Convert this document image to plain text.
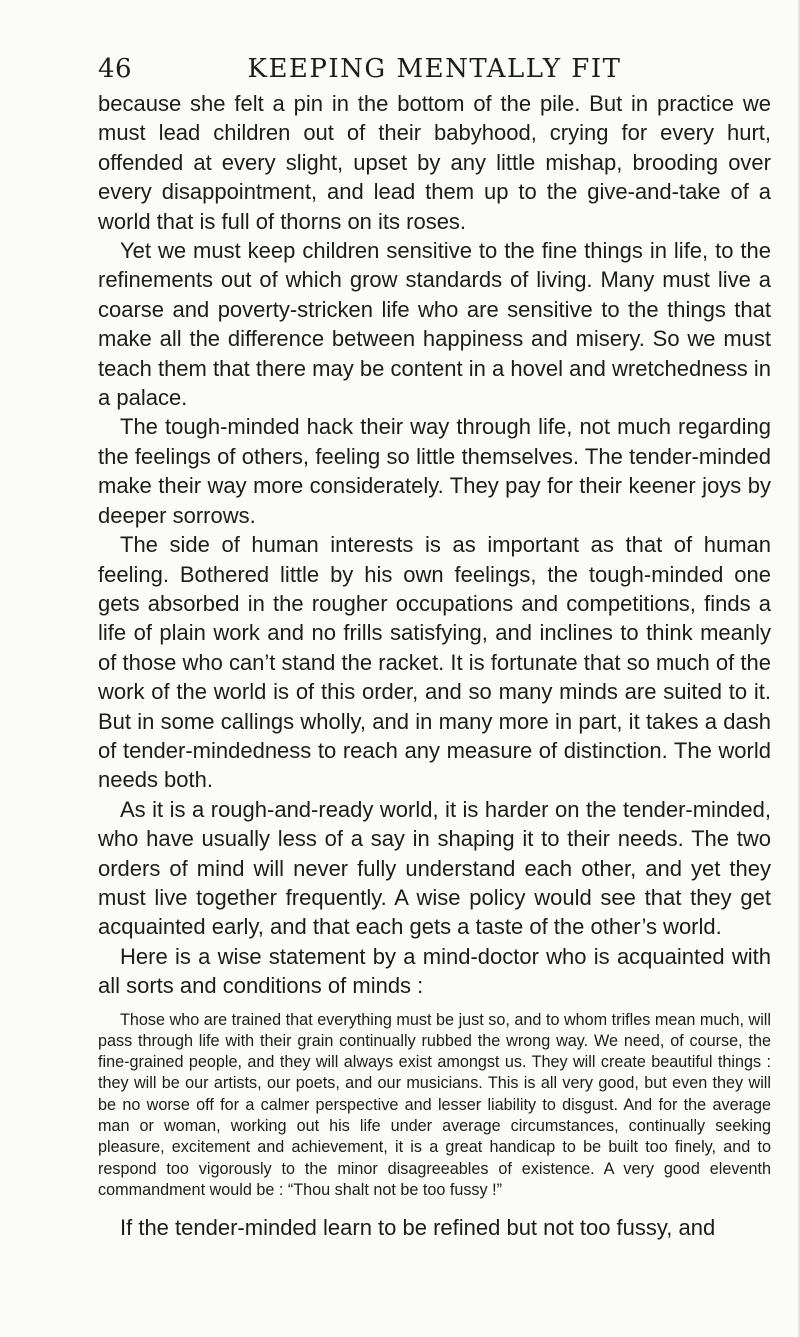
46	KEEPING MENTALLY FIT

because she felt a pin in the bottom of the pile. But in practice we must lead children out of their babyhood, crying for every hurt, offended at every slight, upset by any little mishap, brooding over every disappointment, and lead them up to the give-and-take of a world that is full of thorns on its roses.

Yet we must keep children sensitive to the fine things in life, to the refinements out of which grow standards of living. Many must live a coarse and poverty-stricken life who are sensitive to the things that make all the difference between happiness and misery. So we must teach them that there may be content in a hovel and wretchedness in a palace.

The tough-minded hack their way through life, not much regarding the feelings of others, feeling so little themselves. The tender-minded make their way more considerately. They pay for their keener joys by deeper sorrows.

The side of human interests is as important as that of human feeling. Bothered little by his own feelings, the tough-minded one gets absorbed in the rougher occupations and competitions, finds a life of plain work and no frills satisfying, and inclines to think meanly of those who can’t stand the racket. It is fortunate that so much of the work of the world is of this order, and so many minds are suited to it. But in some callings wholly, and in many more in part, it takes a dash of tender-mindedness to reach any measure of distinction. The world needs both.

As it is a rough-and-ready world, it is harder on the tender-minded, who have usually less of a say in shaping it to their needs. The two orders of mind will never fully understand each other, and yet they must live together frequently. A wise policy would see that they get acquainted early, and that each gets a taste of the other’s world.

Here is a wise statement by a mind-doctor who is acquainted with all sorts and conditions of minds :

Those who are trained that everything must be just so, and to whom trifles mean much, will pass through life with their grain continually rubbed the wrong way. We need, of course, the fine-grained people, and they will always exist amongst us. They will create beautiful things : they will be our artists, our poets, and our musicians. This is all very good, but even they will be no worse off for a calmer perspective and lesser liability to disgust. And for the average man or woman, working out his life under average circumstances, continually seeking pleasure, excitement and achievement, it is a great handicap to be built too finely, and to respond too vigorously to the minor disagreeables of existence. A very good eleventh commandment would be : “Thou shalt not be too fussy !”

If the tender-minded learn to be refined but not too fussy, and
